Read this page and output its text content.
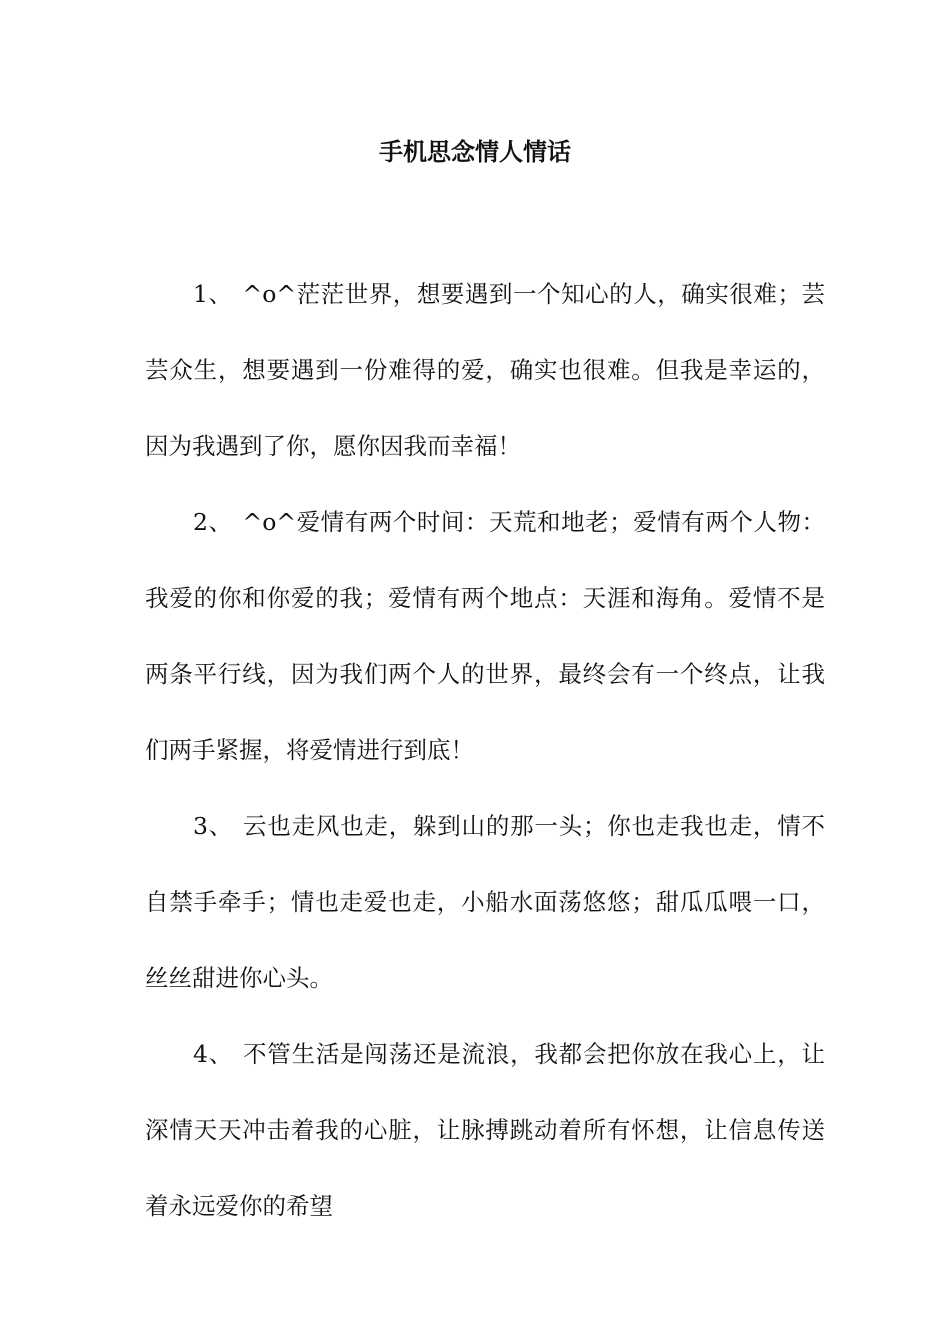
手机思念情人情话

1、 ^o^茫茫世界，想要遇到一个知心的人，确实很难；芸芸众生，想要遇到一份难得的爱，确实也很难。但我是幸运的，因为我遇到了你，愿你因我而幸福！

2、 ^o^爱情有两个时间：天荒和地老；爱情有两个人物：我爱的你和你爱的我；爱情有两个地点：天涯和海角。爱情不是两条平行线，因为我们两个人的世界，最终会有一个终点，让我们两手紧握，将爱情进行到底！

3、 云也走风也走，躲到山的那一头；你也走我也走，情不自禁手牵手；情也走爱也走，小船水面荡悠悠；甜瓜瓜喂一口，丝丝甜进你心头。

4、 不管生活是闯荡还是流浪，我都会把你放在我心上，让深情天天冲击着我的心脏，让脉搏跳动着所有怀想，让信息传送着永远爱你的希望
